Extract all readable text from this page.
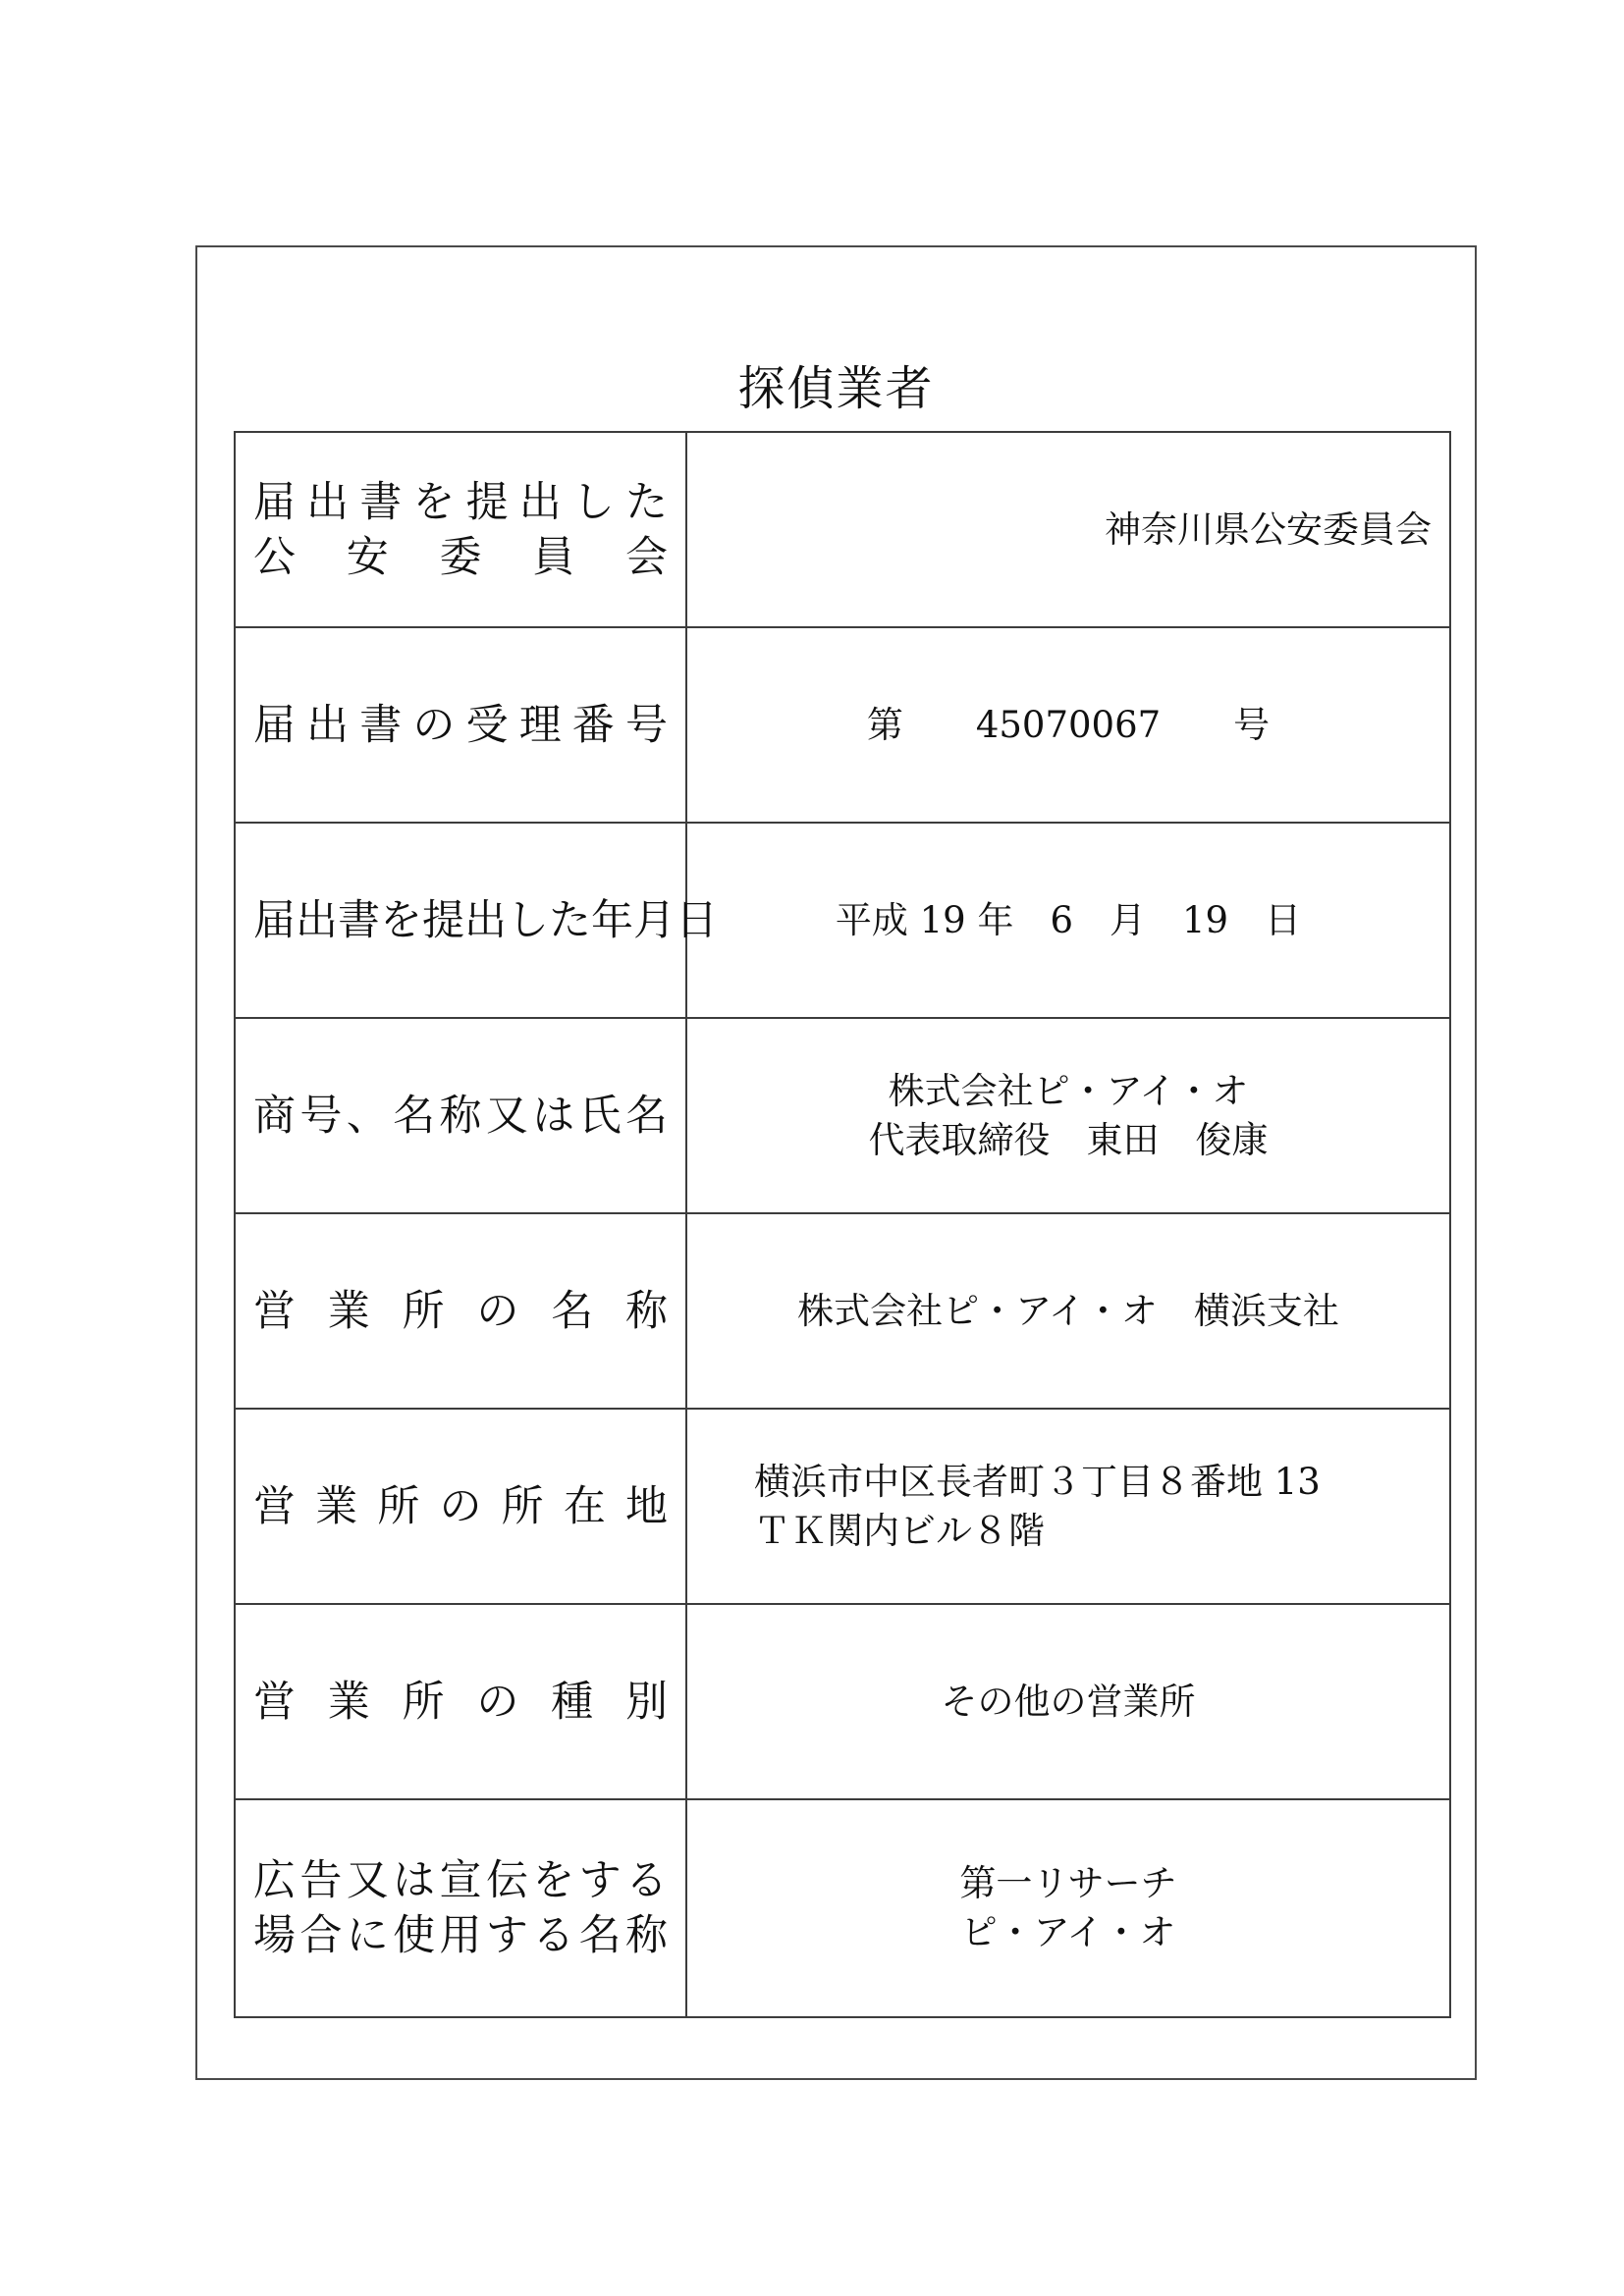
探偵業者
届出書を提出した
公安委員会	神奈川県公安委員会

届出書の受理番号	第　　45070067　　号

届出書を提出した年月日	平成 19 年　6　月　19　日

商号、名称又は氏名	株式会社ピ・アイ・オ
代表取締役　東田　俊康

営業所の名称	株式会社ピ・アイ・オ　横浜支社

営業所の所在地	横浜市中区長者町３丁目８番地 13
ＴＫ関内ビル８階

営業所の種別	その他の営業所

広告又は宣伝をする
場合に使用する名称	第一リサーチ
ピ・アイ・オ
